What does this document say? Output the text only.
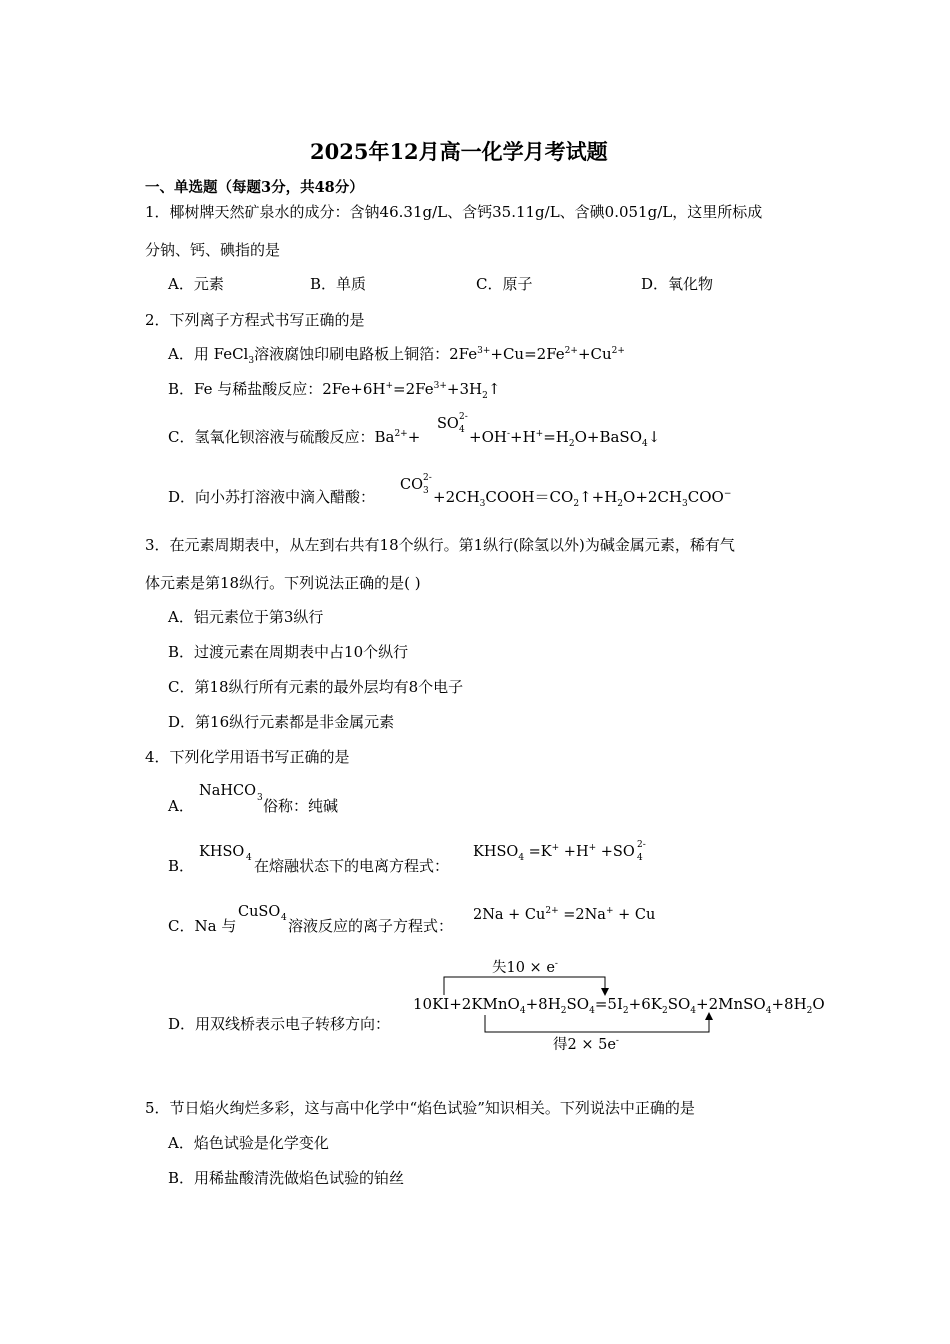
2025年12月高一化学月考试题
一、单选题（每题3分，共48分）
1．椰树牌天然矿泉水的成分：含钠46.31g/L、含钙35.11g/L、含碘0.051g/L，这里所标成
分钠、钙、碘指的是
A．元素	B．单质	C．原子	D．氧化物
2．下列离子方程式书写正确的是
A．用 FeCl$_3$溶液腐蚀印刷电路板上铜箔：$2Fe^{3+}+Cu=2Fe^{2+}+Cu^{2+}$
B．Fe 与稀盐酸反应：$2Fe+6H^+=2Fe^{3+}+3H_2↑$
C．氢氧化钡溶液与硫酸反应：$Ba^{2+}+$
SO 2-
$4 +OH^-+H^+=H_2O+BaSO_4↓$
D．向小苏打溶液中滴入醋酸：
CO 2-
$3 +2CH_3COOH=CO_2↑+H_2O+2CH_3COO^-$
3．在元素周期表中，从左到右共有18个纵行。第1纵行(除氢以外)为碱金属元素，稀有气
体元素是第18纵行。下列说法正确的是( )
A．铝元素位于第3纵行
B．过渡元素在周期表中占10个纵行
C．第18纵行所有元素的最外层均有8个电子
D．第16纵行元素都是非金属元素
4．下列化学用语书写正确的是
A．
NaHCO 3 俗称：纯碱
B．
KHSO 4 在熔融状态下的电离方程式：
$KHSO_4 =K^+ +H^+ +SO$ 2-
4
C．Na 与
CuSO 4 溶液反应的离子方程式：
$2Na + Cu^{2+} =2Na^+ + Cu$
D．用双线桥表示电子转移方向：
失10 × e-
得2 × 5e-
$10KI+2KMnO_4+8H_2SO_4=5I_2+6K_2SO_4+2MnSO_4+8H_2O$
5．节日焰火绚烂多彩，这与高中化学中“焰色试验”知识相关。下列说法中正确的是
A．焰色试验是化学变化
B．用稀盐酸清洗做焰色试验的铂丝
